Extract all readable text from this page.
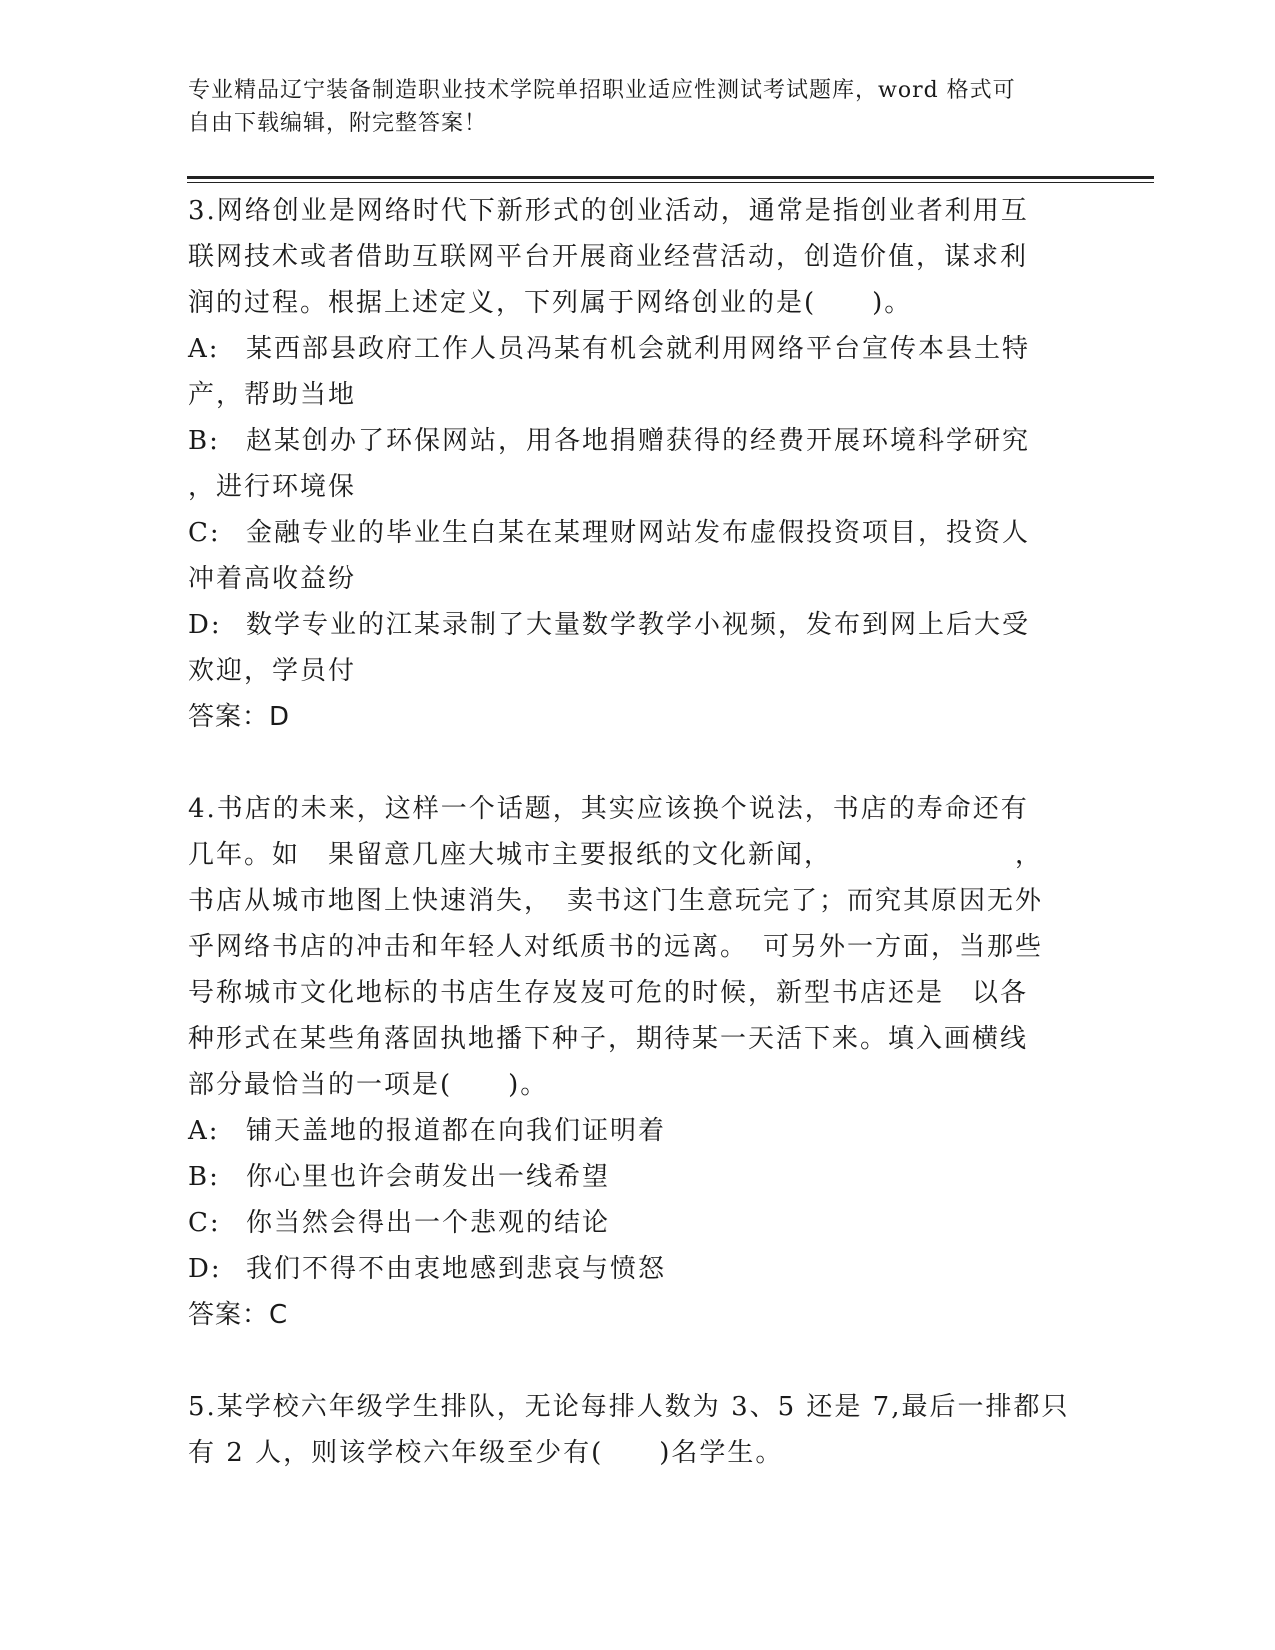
专业精品辽宁装备制造职业技术学院单招职业适应性测试考试题库，word 格式可
自由下载编辑，附完整答案！

3.网络创业是网络时代下新形式的创业活动，通常是指创业者利用互

联网技术或者借助互联网平台开展商业经营活动，创造价值，谋求利

润的过程。根据上述定义，下列属于网络创业的是(　　)。

A:	某西部县政府工作人员冯某有机会就利用网络平台宣传本县土特

产，帮助当地

B:	赵某创办了环保网站，用各地捐赠获得的经费开展环境科学研究

，进行环境保

C: 金融专业的毕业生白某在某理财网站发布虚假投资项目，投资人

冲着高收益纷

D: 数学专业的江某录制了大量数学教学小视频，发布到网上后大受

欢迎，学员付

答案：D

4.书店的未来，这样一个话题，其实应该换个说法，书店的寿命还有

几年。如　果留意几座大城市主要报纸的文化新闻，　　　　　　　，

书店从城市地图上快速消失，　卖书这门生意玩完了；而究其原因无外

乎网络书店的冲击和年轻人对纸质书的远离。　可另外一方面，当那些

号称城市文化地标的书店生存岌岌可危的时候，新型书店还是　以各

种形式在某些角落固执地播下种子，期待某一天活下来。填入画横线

部分最恰当的一项是(　　)。

A:	铺天盖地的报道都在向我们证明着
B:	你心里也许会萌发出一线希望
C: 你当然会得出一个悲观的结论
D: 我们不得不由衷地感到悲哀与愤怒

答案：C

5.某学校六年级学生排队，无论每排人数为 3、5 还是 7,最后一排都只

有 2 人，则该学校六年级至少有(　　)名学生。
